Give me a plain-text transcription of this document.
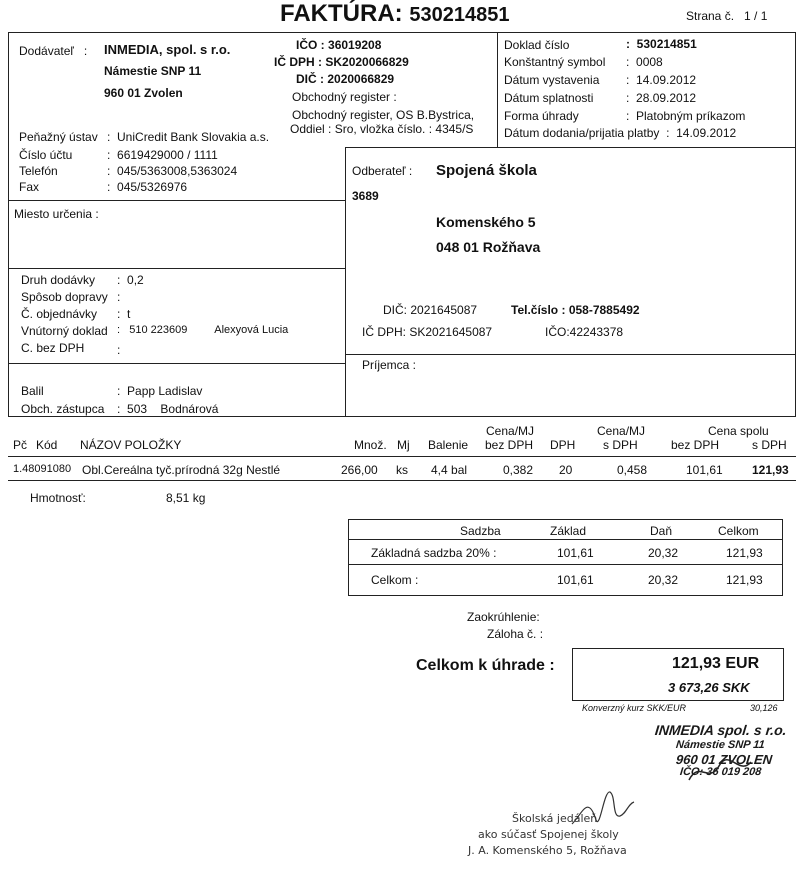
FAKTÚRA: 530214851	Strana č. 1 / 1
Dodávateľ   : INMEDIA, spol. s r.o.
Námestie SNP 11
960 01 Zvolen
IČO : 36019208
IČ DPH : SK2020066829
DIČ : 2020066829
Obchodný register :
Obchodný register, OS B.Bystrica,
Oddiel : Sro, vložka číslo. : 4345/S
Peňažný ústav :  UniCredit Bank Slovakia a.s.
Číslo účtu	:  6619429000 / 1111
Telefón	:  045/5363008,5363024
Fax	:  045/5326976
Doklad číslo	:  530214851
Konštantný symbol :  0008
Dátum vystavenia :  14.09.2012
Dátum splatnosti	:  28.09.2012
Forma úhrady	:  Platobným príkazom
Dátum dodania/prijatia platby  :  14.09.2012
Odberateľ : Spojená škola
3689
Komenského 5
048 01 Rožňava
DIČ: 2021645087	Tel.číslo : 058-7885492
IČ DPH: SK2021645087	IČO:42243378
Príjemca :
Miesto určenia :
Druh dodávky :  0,2
Spôsob dopravy :
Č. objednávky :  t
Vnútorný doklad :   510 223609 Alexyová Lucia
C. bez DPH	:
Balil	:  Papp Ladislav
Obch. zástupca :  503 Bodnárová
Pč Kód NÁZOV POLOŽKY	Množ. Mj Balenie
Cena/MJ
bez DPH DPH
Cena/MJ
s DPH
Cena spolu
bez DPH	s DPH
1.48091080 Obl.Cereálna tyč.prírodná 32g Nestlé	266,00 ks 4,4 bal	0,382 20	0,458	101,61 121,93
Hmotnosť:	8,51 kg
Sadzba	Základ	Daň	Celkom
Základná sadzba 20% :	101,61	20,32	121,93
Celkom :	101,61	20,32	121,93
Zaokrúhlenie:
Záloha č. :
Celkom k úhrade :	121,93 EUR
3 673,26 SKK
Konverzný kurz SKK/EUR	30,126
INMEDIA spol. s r.o.
Námestie SNP 11
960 01 ZVOLEN
IČO: 36 019 208
Školská jedáleň
ako súčasť Spojenej školy
J. A. Komenského 5, Rožňava
